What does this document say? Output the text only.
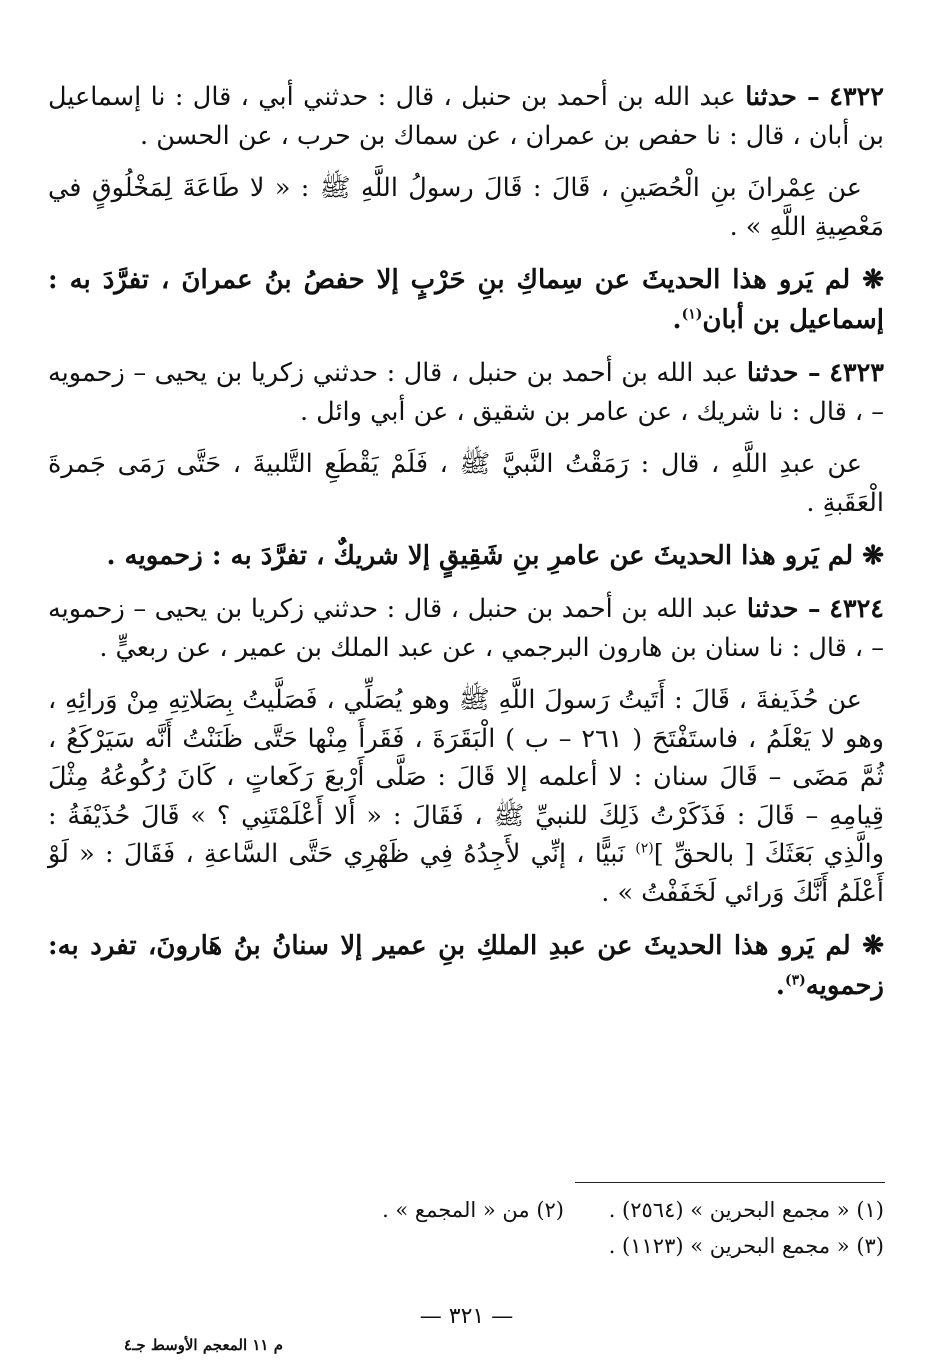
٤٣٢٢ – حدثنا عبد الله بن أحمد بن حنبل ، قال : حدثني أبي ، قال : نا إسماعيل بن أبان ، قال : نا حفص بن عمران ، عن سماك بن حرب ، عن الحسن .

عن عِمْرانَ بنِ الْحُصَينِ ، قَالَ : قَالَ رسولُ اللَّهِ ﷺ : « لا طَاعَةَ لِمَخْلُوقٍ في مَعْصِيةِ اللَّهِ » .

❋ لم يَرو هذا الحديثَ عن سِماكِ بنِ حَرْبٍ إلا حفصُ بنُ عمرانَ ، تفرَّدَ به : إسماعيل بن أبان$^{(١)}$.

٤٣٢٣ – حدثنا عبد الله بن أحمد بن حنبل ، قال : حدثني زكريا بن يحيى – زحمويه – ، قال : نا شريك ، عن عامر بن شقيق ، عن أبي وائل .

عن عبدِ اللَّهِ ، قال : رَمَقْتُ النَّبيَّ ﷺ ، فَلَمْ يَقْطَعِ التَّلبيةَ ، حَتَّى رَمَى جَمرةَ الْعَقَبةِ .

❋ لم يَرو هذا الحديثَ عن عامرِ بنِ شَقِيقٍ إلا شريكٌ ، تفرَّدَ به : زحمويه .

٤٣٢٤ – حدثنا عبد الله بن أحمد بن حنبل ، قال : حدثني زكريا بن يحيى – زحمويه – ، قال : نا سنان بن هارون البرجمي ، عن عبد الملك بن عمير ، عن ربعيٍّ .

عن حُذَيفةَ ، قَالَ : أَتَيتُ رَسولَ اللَّهِ ﷺ وهو يُصَلِّي ، فَصَلَّيتُ بِصَلاتِهِ مِنْ وَرائِهِ ، وهو لا يَعْلَمُ ، فاستَفْتَحَ ( ٢٦١ – ب ) الْبَقَرَةَ ، فَقَرأَ مِنْها حَتَّى ظَنَنْتُ أَنَّه سَيَرْكَعُ ، ثُمَّ مَضَى – قَالَ سنان : لا أعلمه إلا قَالَ : صَلَّى أَرْبعَ رَكَعاتٍ ، كَانَ رُكُوعُهُ مِثْلَ قِيامِهِ – قَالَ : فَذَكَرْتُ ذَلِكَ للنبيِّ ﷺ ، فَقَالَ : « أَلا أَعْلَمْتَنِي ؟ » قَالَ حُذَيْفَةُ : والَّذِي بَعَثَكَ [ بالحقِّ ]$^{(٢)}$ نَبيًّا ، إنِّي لأَجِدُهُ فِي ظَهْرِي حَتَّى السَّاعةِ ، فَقَالَ : « لَوْ أَعْلَمُ أَنَّكَ وَرائي لَخَفَفْتُ » .

❋ لم يَرو هذا الحديثَ عن عبدِ الملكِ بنِ عمير إلا سنانُ بنُ هَارونَ، تفرد به: زحمويه$^{(٣)}$.

(١) « مجمع البحرين » (٢٥٦٤) .
(٢) من « المجمع » .
(٣) « مجمع البحرين » (١١٢٣) .
— ٣٢١ —
م ١١ المعجم الأوسط جـ٤
